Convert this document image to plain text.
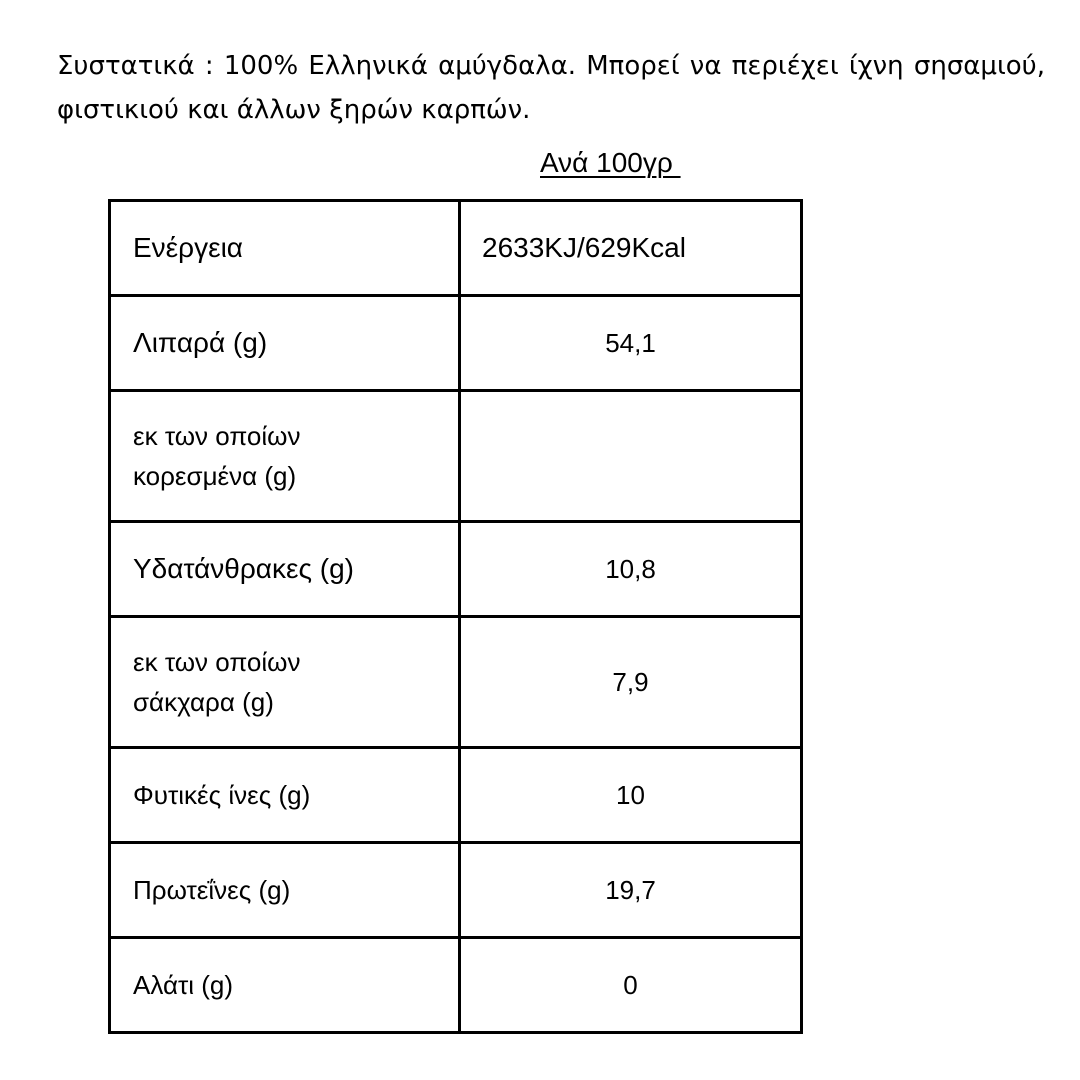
Συστατικά : 100% Ελληνικά αμύγδαλα. Μπορεί να περιέχει ίχνη σησαμιού, φιστικιού και άλλων ξηρών καρπών.
Ανά 100γρ
Ενέργεια	2633KJ/629Kcal
Λιπαρά (g)	54,1

εκ των οποίων
κορεσμένα (g)	

Υδατάνθρακες (g)	10,8

εκ των οποίων
σάκχαρα (g)	7,9
Φυτικές ίνες (g)	10
Πρωτεΐνες (g)	19,7
Αλάτι (g)	0
